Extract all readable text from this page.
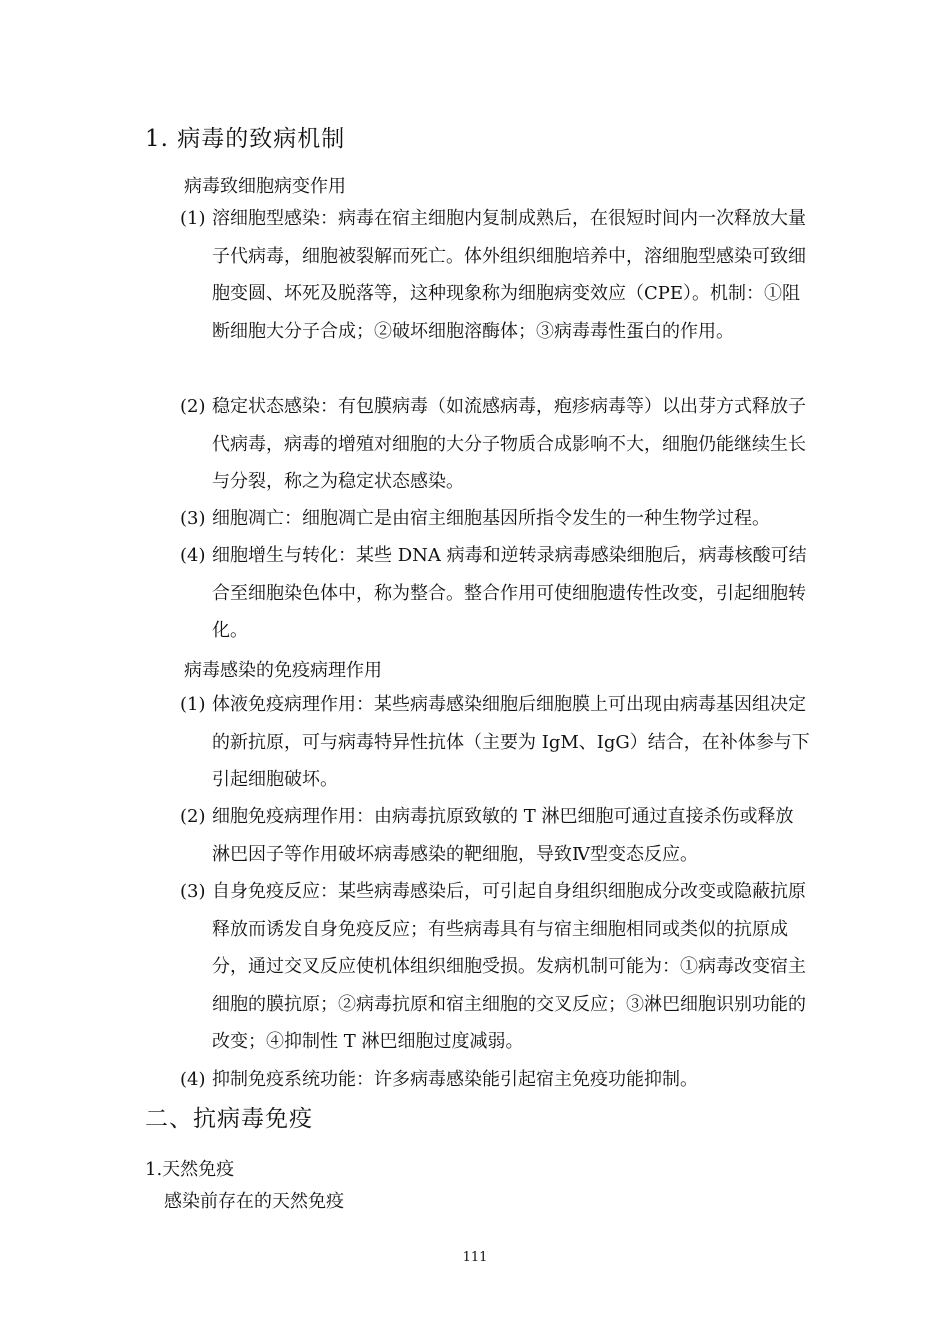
1. 病毒的致病机制
病毒致细胞病变作用
(1) 溶细胞型感染：病毒在宿主细胞内复制成熟后，在很短时间内一次释放大量子代病毒，细胞被裂解而死亡。体外组织细胞培养中，溶细胞型感染可致细胞变圆、坏死及脱落等，这种现象称为细胞病变效应（CPE）。机制：①阻断细胞大分子合成；②破坏细胞溶酶体；③病毒毒性蛋白的作用。
(2) 稳定状态感染：有包膜病毒（如流感病毒，疱疹病毒等）以出芽方式释放子代病毒，病毒的增殖对细胞的大分子物质合成影响不大，细胞仍能继续生长与分裂，称之为稳定状态感染。
(3) 细胞凋亡：细胞凋亡是由宿主细胞基因所指令发生的一种生物学过程。
(4) 细胞增生与转化：某些 DNA 病毒和逆转录病毒感染细胞后，病毒核酸可结合至细胞染色体中，称为整合。整合作用可使细胞遗传性改变，引起细胞转化。
病毒感染的免疫病理作用
(1) 体液免疫病理作用：某些病毒感染细胞后细胞膜上可出现由病毒基因组决定的新抗原，可与病毒特异性抗体（主要为 IgM、IgG）结合，在补体参与下引起细胞破坏。
(2) 细胞免疫病理作用：由病毒抗原致敏的 T 淋巴细胞可通过直接杀伤或释放淋巴因子等作用破坏病毒感染的靶细胞，导致Ⅳ型变态反应。
(3) 自身免疫反应：某些病毒感染后，可引起自身组织细胞成分改变或隐蔽抗原释放而诱发自身免疫反应；有些病毒具有与宿主细胞相同或类似的抗原成分，通过交叉反应使机体组织细胞受损。发病机制可能为：①病毒改变宿主细胞的膜抗原；②病毒抗原和宿主细胞的交叉反应；③淋巴细胞识别功能的改变；④抑制性 T 淋巴细胞过度减弱。
(4) 抑制免疫系统功能：许多病毒感染能引起宿主免疫功能抑制。
二、抗病毒免疫
1.天然免疫
感染前存在的天然免疫
111
